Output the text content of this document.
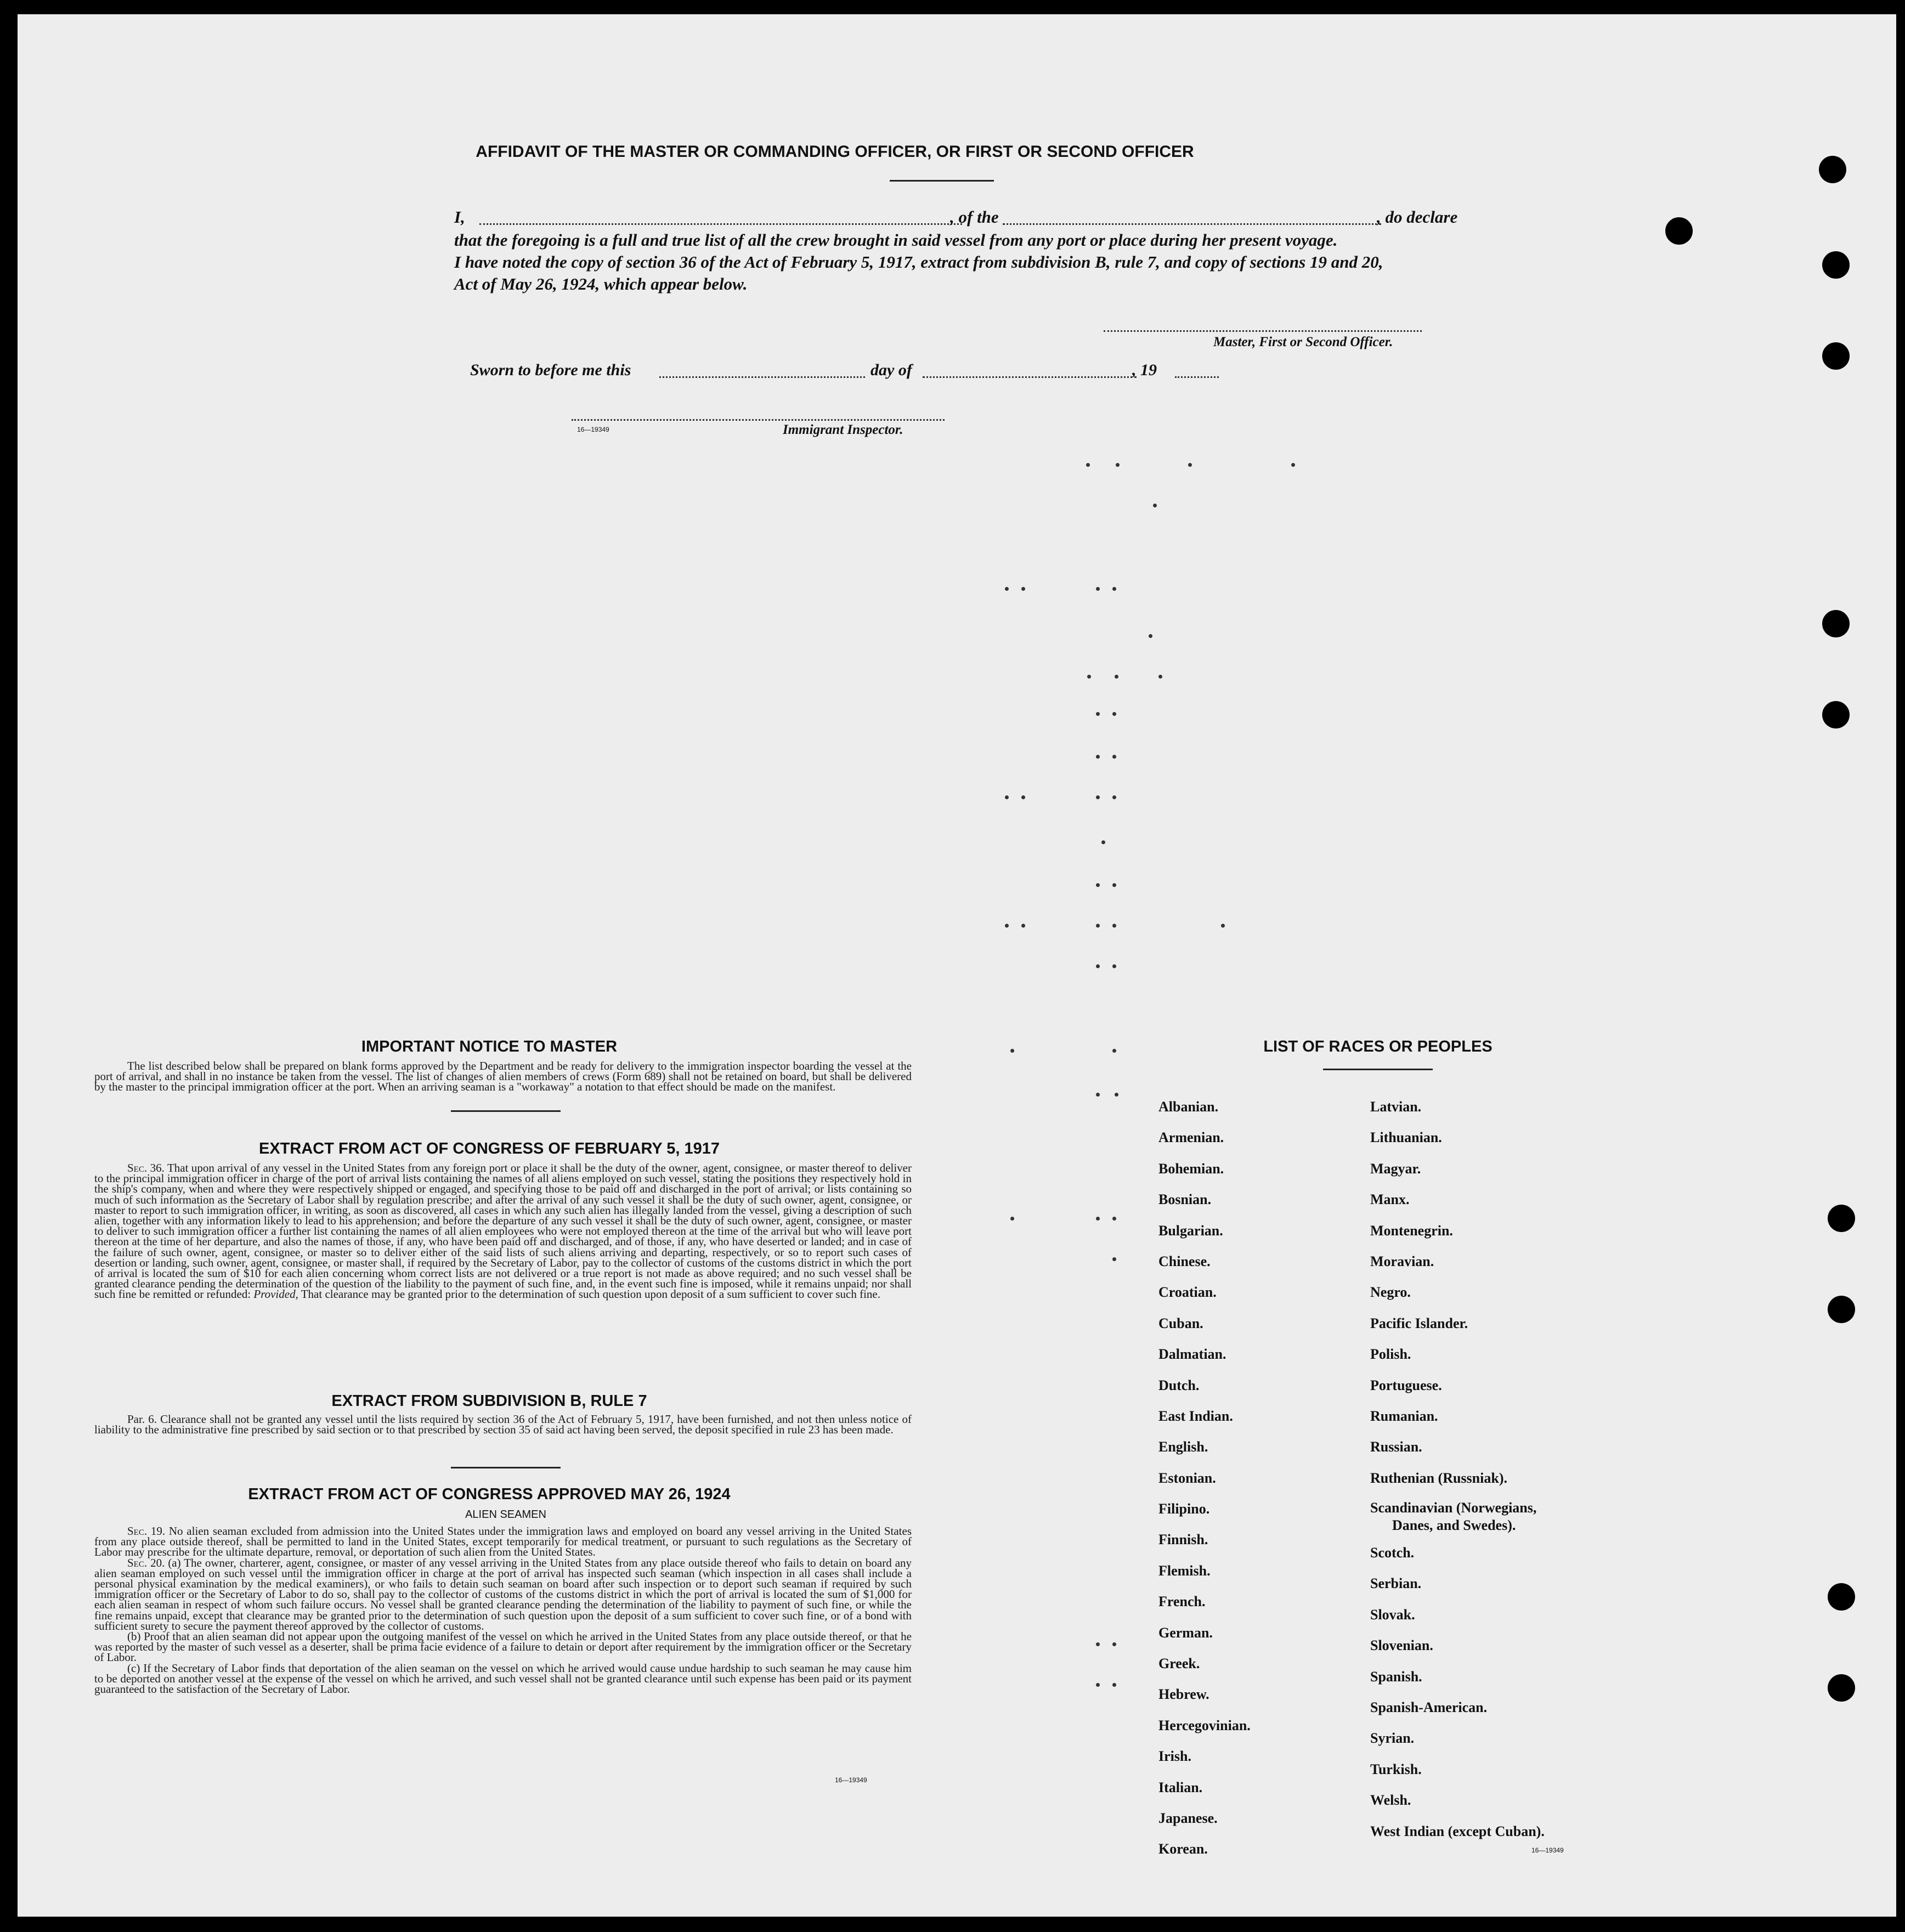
AFFIDAVIT OF THE MASTER OR COMMANDING OFFICER, OR FIRST OR SECOND OFFICER
I,	, of the	, do declare
that the foregoing is a full and true list of all the crew brought in said vessel from any port or place during her present voyage.
I have noted the copy of section 36 of the Act of February 5, 1917, extract from subdivision B, rule 7, and copy of sections 19 and 20,
Act of May 26, 1924, which appear below.
Master, First or Second Officer.
Sworn to before me this	day of	, 19
16—19349	Immigrant Inspector.
IMPORTANT NOTICE TO MASTER

The list described below shall be prepared on blank forms approved by the Department and be ready for delivery to the immigration inspector boarding the vessel at the port of arrival, and shall in no instance be taken from the vessel. The list of changes of alien members of crews (Form 689) shall not be retained on board, but shall be delivered by the master to the principal immigration officer at the port. When an arriving seaman is a "workaway" a notation to that effect should be made on the manifest.

EXTRACT FROM ACT OF CONGRESS OF FEBRUARY 5, 1917

Sec. 36. That upon arrival of any vessel in the United States from any foreign port or place it shall be the duty of the owner, agent, consignee, or master thereof to deliver to the principal immigration officer in charge of the port of arrival lists containing the names of all aliens employed on such vessel, stating the positions they respectively hold in the ship's company, when and where they were respectively shipped or engaged, and specifying those to be paid off and discharged in the port of arrival; or lists containing so much of such information as the Secretary of Labor shall by regulation prescribe; and after the arrival of any such vessel it shall be the duty of such owner, agent, consignee, or master to report to such immigration officer, in writing, as soon as discovered, all cases in which any such alien has illegally landed from the vessel, giving a description of such alien, together with any information likely to lead to his apprehension; and before the departure of any such vessel it shall be the duty of such owner, agent, consignee, or master to deliver to such immigration officer a further list containing the names of all alien employees who were not employed thereon at the time of the arrival but who will leave port thereon at the time of her departure, and also the names of those, if any, who have been paid off and discharged, and of those, if any, who have deserted or landed; and in case of the failure of such owner, agent, consignee, or master so to deliver either of the said lists of such aliens arriving and departing, respectively, or so to report such cases of desertion or landing, such owner, agent, consignee, or master shall, if required by the Secretary of Labor, pay to the collector of customs of the customs district in which the port of arrival is located the sum of $10 for each alien concerning whom correct lists are not delivered or a true report is not made as above required; and no such vessel shall be granted clearance pending the determination of the question of the liability to the payment of such fine, and, in the event such fine is imposed, while it remains unpaid; nor shall such fine be remitted or refunded: Provided, That clearance may be granted prior to the determination of such question upon deposit of a sum sufficient to cover such fine.

EXTRACT FROM SUBDIVISION B, RULE 7

Par. 6. Clearance shall not be granted any vessel until the lists required by section 36 of the Act of February 5, 1917, have been furnished, and not then unless notice of liability to the administrative fine prescribed by said section or to that prescribed by section 35 of said act having been served, the deposit specified in rule 23 has been made.

EXTRACT FROM ACT OF CONGRESS APPROVED MAY 26, 1924
ALIEN SEAMEN

Sec. 19. No alien seaman excluded from admission into the United States under the immigration laws and employed on board any vessel arriving in the United States from any place outside thereof, shall be permitted to land in the United States, except temporarily for medical treatment, or pursuant to such regulations as the Secretary of Labor may prescribe for the ultimate departure, removal, or deportation of such alien from the United States.

Sec. 20. (a) The owner, charterer, agent, consignee, or master of any vessel arriving in the United States from any place outside thereof who fails to detain on board any alien seaman employed on such vessel until the immigration officer in charge at the port of arrival has inspected such seaman (which inspection in all cases shall include a personal physical examination by the medical examiners), or who fails to detain such seaman on board after such inspection or to deport such seaman if required by such immigration officer or the Secretary of Labor to do so, shall pay to the collector of customs of the customs district in which the port of arrival is located the sum of $1,000 for each alien seaman in respect of whom such failure occurs. No vessel shall be granted clearance pending the determination of the liability to payment of such fine, or while the fine remains unpaid, except that clearance may be granted prior to the determination of such question upon the deposit of a sum sufficient to cover such fine, or of a bond with sufficient surety to secure the payment thereof approved by the collector of customs.

(b) Proof that an alien seaman did not appear upon the outgoing manifest of the vessel on which he arrived in the United States from any place outside thereof, or that he was reported by the master of such vessel as a deserter, shall be prima facie evidence of a failure to detain or deport after requirement by the immigration officer or the Secretary of Labor.

(c) If the Secretary of Labor finds that deportation of the alien seaman on the vessel on which he arrived would cause undue hardship to such seaman he may cause him to be deported on another vessel at the expense of the vessel on which he arrived, and such vessel shall not be granted clearance until such expense has been paid or its payment guaranteed to the satisfaction of the Secretary of Labor.

16—19349
LIST OF RACES OR PEOPLES
Albanian.
Armenian.
Bohemian.
Bosnian.
Bulgarian.
Chinese.
Croatian.
Cuban.
Dalmatian.
Dutch.
East Indian.
English.
Estonian.
Filipino.
Finnish.
Flemish.
French.
German.
Greek.
Hebrew.
Hercegovinian.
Irish.
Italian.
Japanese.
Korean.
Latvian.
Lithuanian.
Magyar.
Manx.
Montenegrin.
Moravian.
Negro.
Pacific Islander.
Polish.
Portuguese.
Rumanian.
Russian.
Ruthenian (Russniak).
Scandinavian (Norwegians,
Danes, and Swedes).
Scotch.
Serbian.
Slovak.
Slovenian.
Spanish.
Spanish-American.
Syrian.
Turkish.
Welsh.
West Indian (except Cuban).
16—19349
